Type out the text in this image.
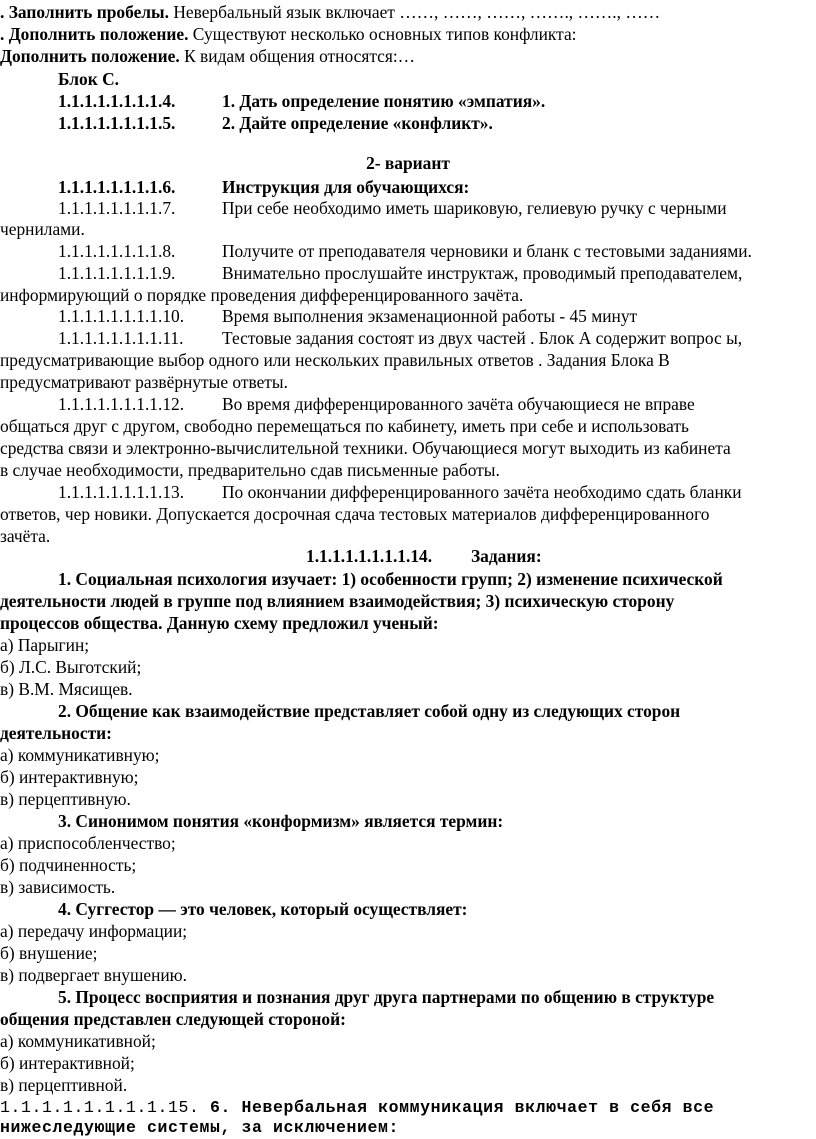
. Заполнить пробелы. Невербальный язык включает ……, ……, ……, ……., ……., ……
. Дополнить положение. Существуют несколько основных типов конфликта:
Дополнить положение. К видам общения относятся:…
Блок С.
1.1.1.1.1.1.1.1.4.	1. Дать определение понятию «эмпатия».
1.1.1.1.1.1.1.1.5.	2. Дайте определение «конфликт».
2- вариант
1.1.1.1.1.1.1.1.6.	Инструкция для обучающихся:
1.1.1.1.1.1.1.1.7.	При себе необходимо иметь шариковую, гелиевую ручку с черными
чернилами.
1.1.1.1.1.1.1.1.8.	Получите от преподавателя черновики и бланк с тестовыми заданиями.
1.1.1.1.1.1.1.1.9.	Внимательно прослушайте инструктаж, проводимый преподавателем,
информирующий о порядке проведения дифференцированного зачёта.
1.1.1.1.1.1.1.1.10. Время выполнения экзаменационной работы - 45 минут
1.1.1.1.1.1.1.1.11. Тестовые задания состоят из двух частей . Блок А содержит вопрос ы,
предусматривающие выбор одного или нескольких правильных ответов . Задания Блока В
предусматривают развёрнутые ответы.
1.1.1.1.1.1.1.1.12. Во время дифференцированного зачёта обучающиеся не вправе
общаться друг с другом, свободно перемещаться по кабинету, иметь при себе и использовать
средства связи и электронно-вычислительной техники. Обучающиеся могут выходить из кабинета
в случае необходимости, предварительно сдав письменные работы.
1.1.1.1.1.1.1.1.13. По окончании дифференцированного зачёта необходимо сдать бланки
ответов, чер новики. Допускается досрочная сдача тестовых материалов дифференцированного
зачёта.
1.1.1.1.1.1.1.1.14. Задания:
1. Социальная психология изучает: 1) особенности групп; 2) изменение психической
деятельности людей в группе под влиянием взаимодействия; 3) психическую сторону
процессов общества. Данную схему предложил ученый:
а) Парыгин;
б) Л.С. Выготский;
в) В.М. Мясищев.
2. Общение как взаимодействие представляет собой одну из следующих сторон
деятельности:
а) коммуникативную;
б) интерактивную;
в) перцептивную.
3. Синонимом понятия «конформизм» является термин:
а) приспособленчество;
б) подчиненность;
в) зависимость.
4. Суггестор — это человек, который осуществляет:
а) передачу информации;
б) внушение;
в) подвергает внушению.
5. Процесс восприятия и познания друг друга партнерами по общению в структуре
общения представлен следующей стороной:
а) коммуникативной;
б) интерактивной;
в) перцептивной.
1.1.1.1.1.1.1.1.15. 6. Невербальная коммуникация включает в себя все
нижеследующие системы, за исключением:
